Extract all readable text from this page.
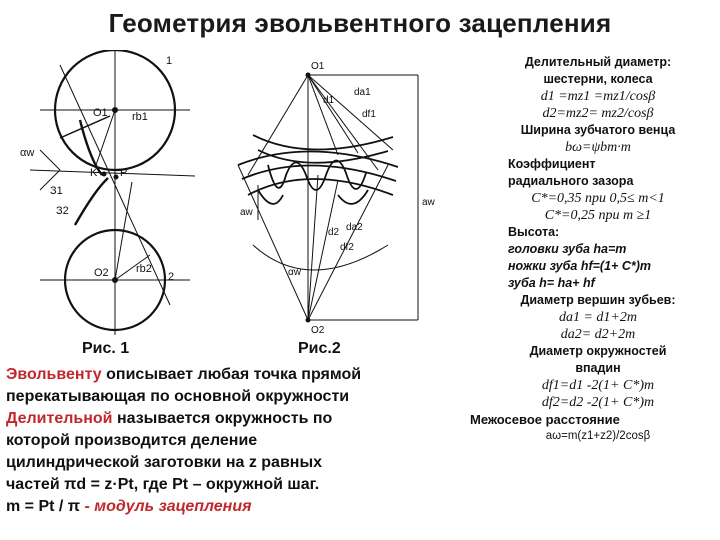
Геометрия эвольвентного зацепления
1
O1 rb1
αw
K P
З1
З2
O2 rb2
2
O1
O2
d1
da1
df1
d2 da2
df2
aw
aw
αw
Рис. 1	Рис.2
Эвольвенту описывает любая точка прямой
перекатывающая по основной окружности
Делительной называется окружность по
которой производится деление
цилиндрической заготовки на z равных
частей πd = z·Pt, где Pt – окружной шаг.
m = Pt / π - модуль зацепления
Делительный диаметр:
шестерни, колеса
d1 =mz1 =mz1/cosβ
d2=mz2= mz2/cosβ
Ширина зубчатого венца
bω=ψbm·m
Коэффициент
радиального зазора
C*=0,35 при 0,5≤ m<1
C*=0,25 при m ≥1
Высота:
головки зуба ha=m
ножки зуба hf=(1+ C*)m
зуба h= ha+ hf
Диаметр вершин зубьев:
da1 = d1+2m
da2= d2+2m
Диаметр окружностей
впадин
df1=d1 -2(1+ C*)m
df2=d2 -2(1+ C*)m
Межосевое расстояние
aω=m(z1+z2)/2cosβ
